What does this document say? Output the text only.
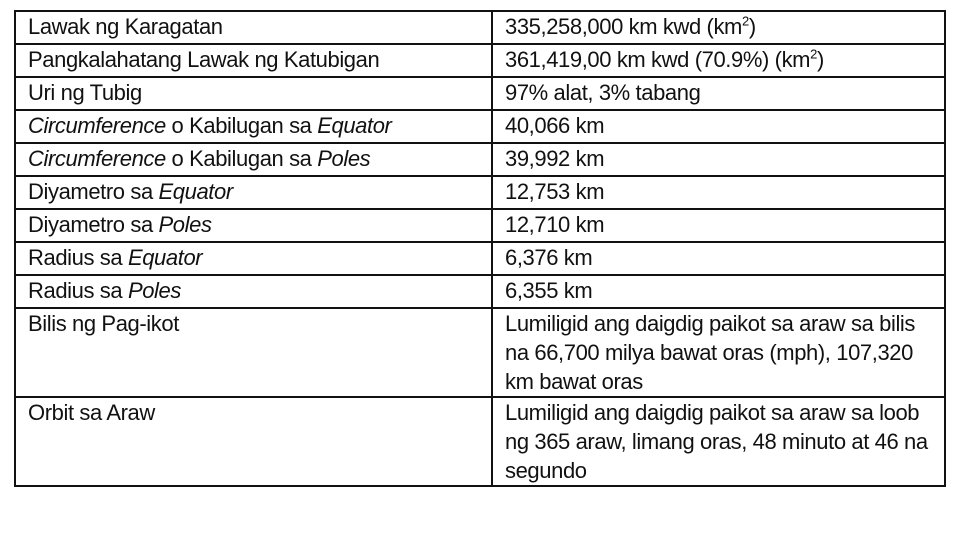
Lawak ng Karagatan	335,258,000 km kwd $(km^2)$
Pangkalahatang Lawak ng Katubigan	361,419,00 km kwd (70.9%) $(km^2)$
Uri ng Tubig	97% alat, 3% tabang
Circumference o Kabilugan sa Equator	40,066 km
Circumference o Kabilugan sa Poles	39,992 km
Diyametro sa Equator	12,753 km
Diyametro sa Poles	12,710 km
Radius sa Equator	6,376 km
Radius sa Poles	6,355 km
Bilis ng Pag-ikot	Lumiligid ang daigdig paikot sa araw sa bilis na 66,700 milya bawat oras (mph), 107,320 km bawat oras
Orbit sa Araw	Lumiligid ang daigdig paikot sa araw sa loob ng 365 araw, limang oras, 48 minuto at 46 na segundo
